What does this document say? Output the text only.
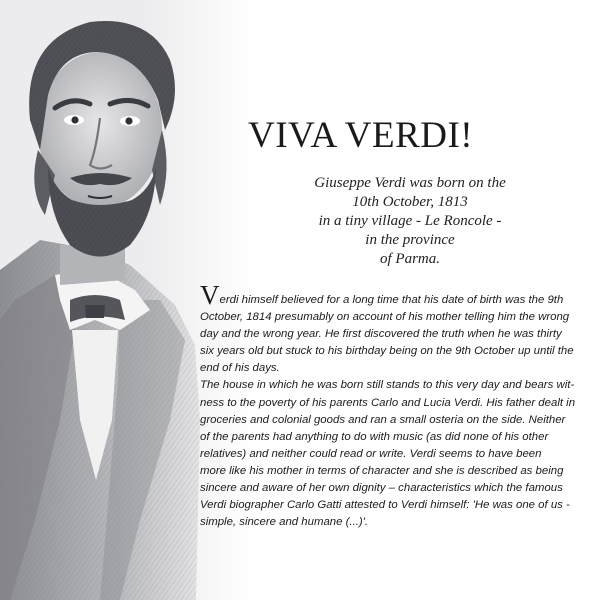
VIVA VERDI!
Giuseppe Verdi was born on the
10th October, 1813
in a tiny village - Le Roncole -
in the province
of Parma.
Verdi himself believed for a long time that his date of birth was the 9th
October, 1814 presumably on account of his mother telling him the wrong
day and the wrong year. He first discovered the truth when he was thirty
six years old but stuck to his birthday being on the 9th October up until the
end of his days.
The house in which he was born still stands to this very day and bears wit-
ness to the poverty of his parents Carlo and Lucia Verdi. His father dealt in
groceries and colonial goods and ran a small osteria on the side. Neither
of the parents had anything to do with music (as did none of his other
relatives) and neither could read or write. Verdi seems to have been
more like his mother in terms of character and she is described as being
sincere and aware of her own dignity – characteristics which the famous
Verdi biographer Carlo Gatti attested to Verdi himself: 'He was one of us -
simple, sincere and humane (...)'.
